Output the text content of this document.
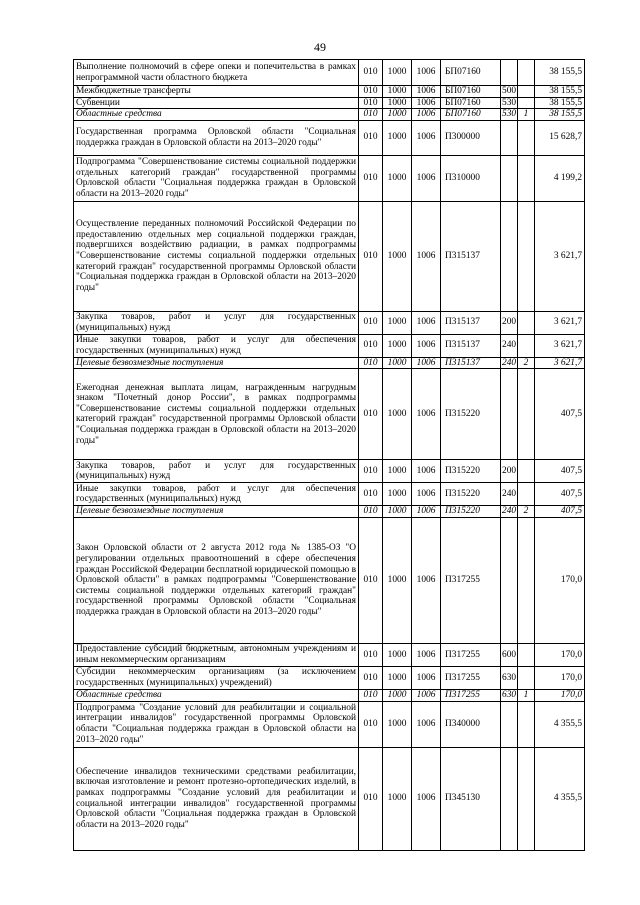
49
Выполнение полномочий в сфере опеки и попечительства в рамках непрограммной части областного бюджета	010	1000	1006	БП07160			38 155,5
Межбюджетные трансферты	010	1000	1006	БП07160	500		38 155,5
Субвенции	010	1000	1006	БП07160	530		38 155,5
Областные средства	010	1000	1006	БП07160	530	1	38 155,5
Государственная программа Орловской области "Социальная поддержка граждан в Орловской области на 2013–2020 годы"	010	1000	1006	П300000			15 628,7
Подпрограмма "Совершенствование системы социальной поддержки отдельных категорий граждан" государственной программы Орловской области "Социальная поддержка граждан в Орловской области на 2013–2020 годы"	010	1000	1006	П310000			4 199,2
Осуществление переданных полномочий Российской Федерации по предоставлению отдельных мер социальной поддержки граждан, подвергшихся воздействию радиации, в рамках подпрограммы "Совершенствование системы социальной поддержки отдельных категорий граждан" государственной программы Орловской области "Социальная поддержка граждан в Орловской области на 2013–2020 годы"	010	1000	1006	П315137			3 621,7
Закупка товаров, работ и услуг для государственных (муниципальных) нужд	010	1000	1006	П315137	200		3 621,7
Иные закупки товаров, работ и услуг для обеспечения государственных (муниципальных) нужд	010	1000	1006	П315137	240		3 621,7
Целевые безвозмездные поступления	010	1000	1006	П315137	240	2	3 621,7
Ежегодная денежная выплата лицам, награжденным нагрудным знаком "Почетный донор России", в рамках подпрограммы "Совершенствование системы социальной поддержки отдельных категорий граждан" государственной программы Орловской области "Социальная поддержка граждан в Орловской области на 2013–2020 годы"	010	1000	1006	П315220			407,5
Закупка товаров, работ и услуг для государственных (муниципальных) нужд	010	1000	1006	П315220	200		407,5
Иные закупки товаров, работ и услуг для обеспечения государственных (муниципальных) нужд	010	1000	1006	П315220	240		407,5
Целевые безвозмездные поступления	010	1000	1006	П315220	240	2	407,5
Закон Орловской области от 2 августа 2012 года № 1385-ОЗ "О регулировании отдельных правоотношений в сфере обеспечения граждан Российской Федерации бесплатной юридической помощью в Орловской области" в рамках подпрограммы "Совершенствование системы социальной поддержки отдельных категорий граждан" государственной программы Орловской области "Социальная поддержка граждан в Орловской области на 2013–2020 годы"	010	1000	1006	П317255			170,0
Предоставление субсидий бюджетным, автономным учреждениям и иным некоммерческим организациям	010	1000	1006	П317255	600		170,0
Субсидии некоммерческим организациям (за исключением государственных (муниципальных) учреждений)	010	1000	1006	П317255	630		170,0
Областные средства	010	1000	1006	П317255	630	1	170,0
Подпрограмма "Создание условий для реабилитации и социальной интеграции инвалидов" государственной программы Орловской области "Социальная поддержка граждан в Орловской области на 2013–2020 годы"	010	1000	1006	П340000			4 355,5
Обеспечение инвалидов техническими средствами реабилитации, включая изготовление и ремонт протезно-ортопедических изделий, в рамках подпрограммы "Создание условий для реабилитации и социальной интеграции инвалидов" государственной программы Орловской области "Социальная поддержка граждан в Орловской области на 2013–2020 годы"	010	1000	1006	П345130			4 355,5
